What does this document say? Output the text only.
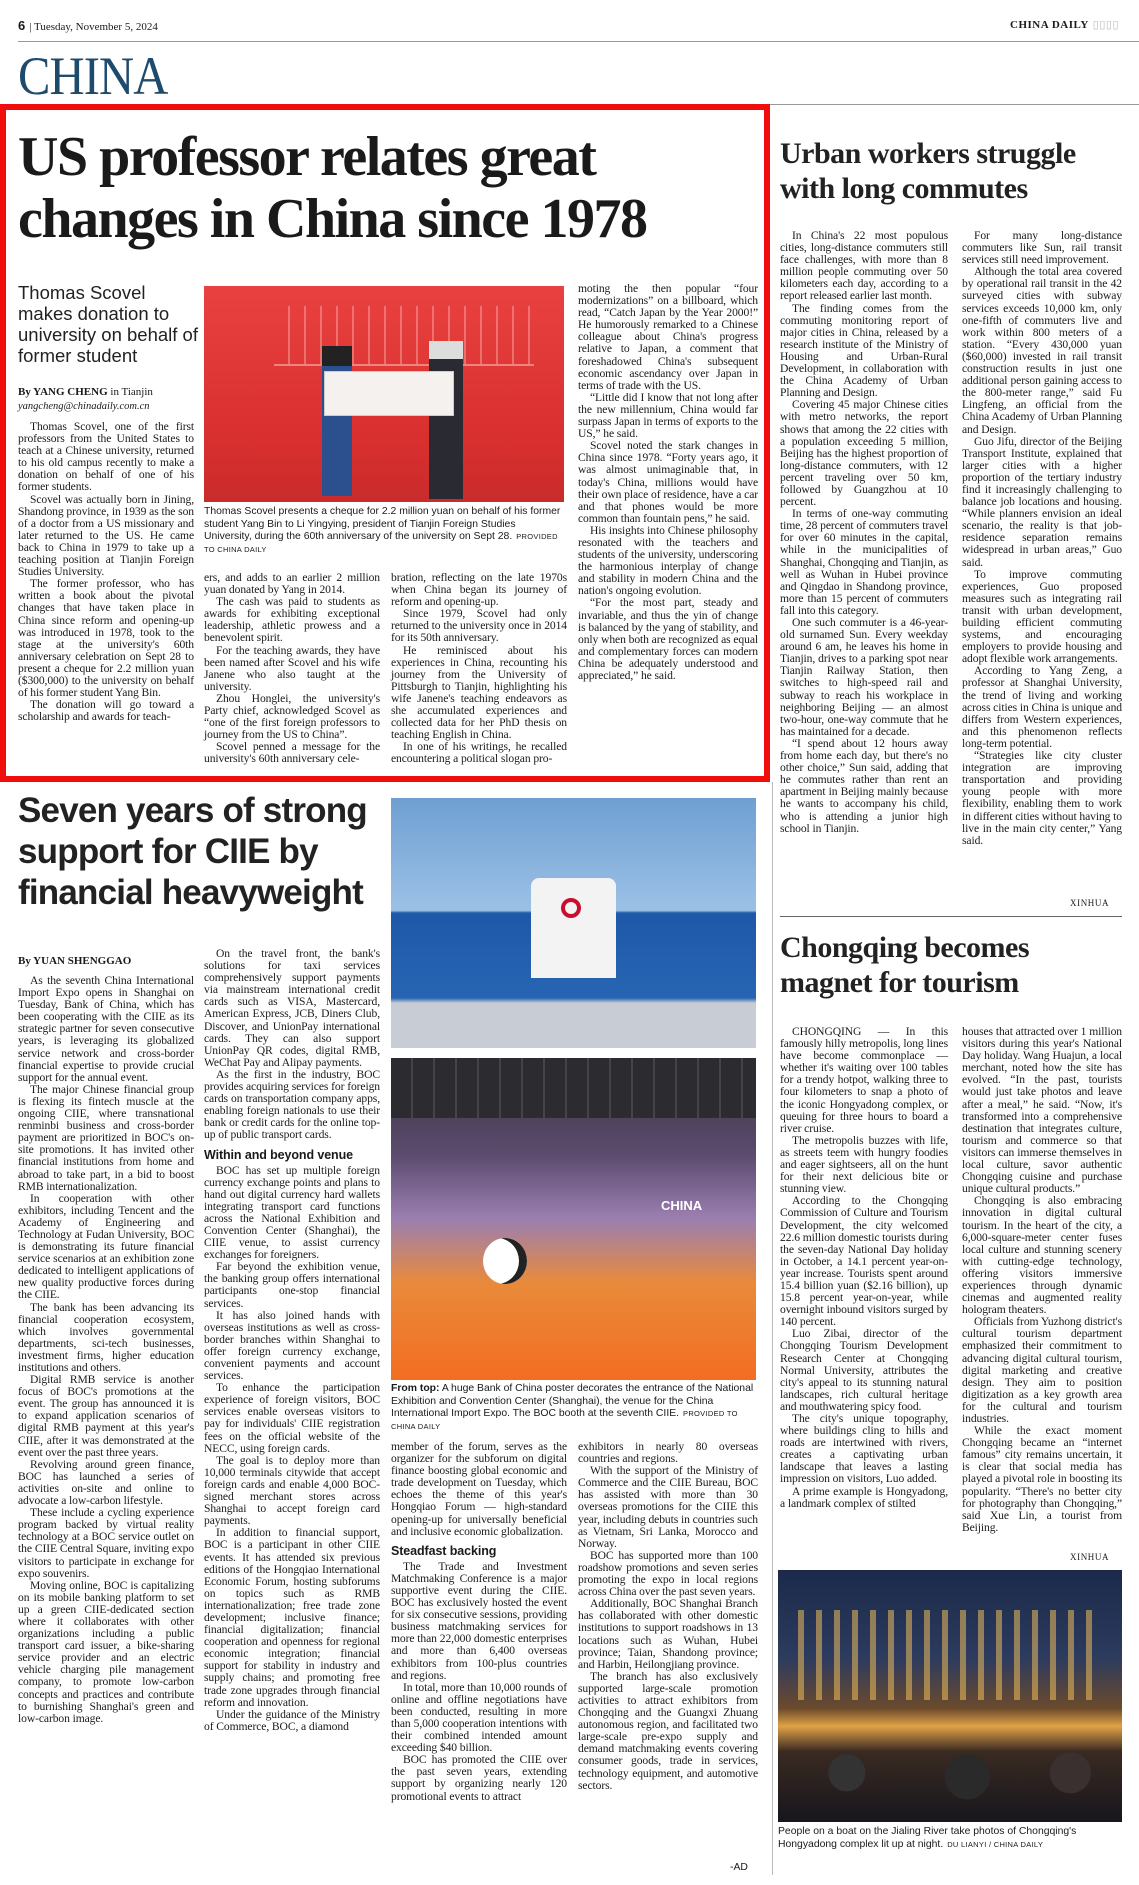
6 | Tuesday, November 5, 2024	CHINA DAILY ▯▯▯▯
CHINA
US professor relates great changes in China since 1978
Thomas Scovel makes donation to university on behalf of former student
By YANG CHENG in Tianjin
yangcheng@chinadaily.com.cn

Thomas Scovel, one of the first professors from the United States to teach at a Chinese university, returned to his old campus recently to make a donation on behalf of one of his former students.

Scovel was actually born in Jining, Shandong province, in 1939 as the son of a doctor from a US missionary and later returned to the US. He came back to China in 1979 to take up a teaching position at Tianjin Foreign Studies University.

The former professor, who has written a book about the pivotal changes that have taken place in China since reform and opening-up was introduced in 1978, took to the stage at the university's 60th anniversary celebration on Sept 28 to present a cheque for 2.2 million yuan ($300,000) to the university on behalf of his former student Yang Bin.

The donation will go toward a scholarship and awards for teach-

Thomas Scovel presents a cheque for 2.2 million yuan on behalf of his former student Yang Bin to Li Yingying, president of Tianjin Foreign Studies University, during the 60th anniversary of the university on Sept 28. PROVIDED TO CHINA DAILY

ers, and adds to an earlier 2 million yuan donated by Yang in 2014.

The cash was paid to students as awards for exhibiting exceptional leadership, athletic prowess and a benevolent spirit.

For the teaching awards, they have been named after Scovel and his wife Janene who also taught at the university.

Zhou Honglei, the university's Party chief, acknowledged Scovel as “one of the first foreign professors to journey from the US to China”.

Scovel penned a message for the university's 60th anniversary cele-

bration, reflecting on the late 1970s when China began its journey of reform and opening-up.

Since 1979, Scovel had only returned to the university once in 2014 for its 50th anniversary.

He reminisced about his experiences in China, recounting his journey from the University of Pittsburgh to Tianjin, highlighting his wife Janene's teaching endeavors as she accumulated experiences and collected data for her PhD thesis on teaching English in China.

In one of his writings, he recalled encountering a political slogan pro-

moting the then popular “four modernizations” on a billboard, which read, “Catch Japan by the Year 2000!” He humorously remarked to a Chinese colleague about China's progress relative to Japan, a comment that foreshadowed China's subsequent economic ascendancy over Japan in terms of trade with the US.

“Little did I know that not long after the new millennium, China would far surpass Japan in terms of exports to the US,” he said.

Scovel noted the stark changes in China since 1978. “Forty years ago, it was almost unimaginable that, in today's China, millions would have their own place of residence, have a car and that phones would be more common than fountain pens,” he said.

His insights into Chinese philosophy resonated with the teachers and students of the university, underscoring the harmonious interplay of change and stability in modern China and the nation's ongoing evolution.

“For the most part, steady and invariable, and thus the yin of change is balanced by the yang of stability, and only when both are recognized as equal and complementary forces can modern China be adequately understood and appreciated,” he said.

Urban workers struggle with long commutes

In China's 22 most populous cities, long-distance commuters still face challenges, with more than 8 million people commuting over 50 kilometers each day, according to a report released earlier last month.

The finding comes from the commuting monitoring report of major cities in China, released by a research institute of the Ministry of Housing and Urban-Rural Development, in collaboration with the China Academy of Urban Planning and Design.

Covering 45 major Chinese cities with metro networks, the report shows that among the 22 cities with a population exceeding 5 million, Beijing has the highest proportion of long-distance commuters, with 12 percent traveling over 50 km, followed by Guangzhou at 10 percent.

In terms of one-way commuting time, 28 percent of commuters travel for over 60 minutes in the capital, while in the municipalities of Shanghai, Chongqing and Tianjin, as well as Wuhan in Hubei province and Qingdao in Shandong province, more than 15 percent of commuters fall into this category.

One such commuter is a 46-year-old surnamed Sun. Every weekday around 6 am, he leaves his home in Tianjin, drives to a parking spot near Tianjin Railway Station, then switches to high-speed rail and subway to reach his workplace in neighboring Beijing — an almost two-hour, one-way commute that he has maintained for a decade.

“I spend about 12 hours away from home each day, but there's no other choice,” Sun said, adding that he commutes rather than rent an apartment in Beijing mainly because he wants to accompany his child, who is attending a junior high school in Tianjin.

For many long-distance commuters like Sun, rail transit services still need improvement.

Although the total area covered by operational rail transit in the 42 surveyed cities with subway services exceeds 10,000 km, only one-fifth of commuters live and work within 800 meters of a station. “Every 430,000 yuan ($60,000) invested in rail transit construction results in just one additional person gaining access to the 800-meter range,” said Fu Lingfeng, an official from the China Academy of Urban Planning and Design.

Guo Jifu, director of the Beijing Transport Institute, explained that larger cities with a higher proportion of the tertiary industry find it increasingly challenging to balance job locations and housing. “While planners envision an ideal scenario, the reality is that job-residence separation remains widespread in urban areas,” Guo said.

To improve commuting experiences, Guo proposed measures such as integrating rail transit with urban development, building efficient commuting systems, and encouraging employers to provide housing and adopt flexible work arrangements.

According to Yang Zeng, a professor at Shanghai University, the trend of living and working across cities in China is unique and differs from Western experiences, and this phenomenon reflects long-term potential.

“Strategies like city cluster integration are improving transportation and providing young people with more flexibility, enabling them to work in different cities without having to live in the main city center,” Yang said.

XINHUA
Seven years of strong support for CIIE by financial heavyweight
By YUAN SHENGGAO

As the seventh China International Import Expo opens in Shanghai on Tuesday, Bank of China, which has been cooperating with the CIIE as its strategic partner for seven consecutive years, is leveraging its globalized service network and cross-border financial expertise to provide crucial support for the annual event.

The major Chinese financial group is flexing its fintech muscle at the ongoing CIIE, where transnational renminbi business and cross-border payment are prioritized in BOC's on-site promotions. It has invited other financial institutions from home and abroad to take part, in a bid to boost RMB internationalization.

In cooperation with other exhibitors, including Tencent and the Academy of Engineering and Technology at Fudan University, BOC is demonstrating its future financial service scenarios at an exhibition zone dedicated to intelligent applications of new quality productive forces during the CIIE.

The bank has been advancing its financial cooperation ecosystem, which involves governmental departments, sci-tech businesses, investment firms, higher education institutions and others.

Digital RMB service is another focus of BOC's promotions at the event. The group has announced it is to expand application scenarios of digital RMB payment at this year's CIIE, after it was demonstrated at the event over the past three years.

Revolving around green finance, BOC has launched a series of activities on-site and online to advocate a low-carbon lifestyle.

These include a cycling experience program backed by virtual reality technology at a BOC service outlet on the CIIE Central Square, inviting expo visitors to participate in exchange for expo souvenirs.

Moving online, BOC is capitalizing on its mobile banking platform to set up a green CIIE-dedicated section where it collaborates with other organizations including a public transport card issuer, a bike-sharing service provider and an electric vehicle charging pile management company, to promote low-carbon concepts and practices and contribute to burnishing Shanghai's green and low-carbon image.

On the travel front, the bank's solutions for taxi services comprehensively support payments via mainstream international credit cards such as VISA, Mastercard, American Express, JCB, Diners Club, Discover, and UnionPay international cards. They can also support UnionPay QR codes, digital RMB, WeChat Pay and Alipay payments.

As the first in the industry, BOC provides acquiring services for foreign cards on transportation company apps, enabling foreign nationals to use their bank or credit cards for the online top-up of public transport cards.

Within and beyond venue

BOC has set up multiple foreign currency exchange points and plans to hand out digital currency hard wallets integrating transport card functions across the National Exhibition and Convention Center (Shanghai), the CIIE venue, to assist currency exchanges for foreigners.

Far beyond the exhibition venue, the banking group offers international participants one-stop financial services.

It has also joined hands with overseas institutions as well as cross-border branches within Shanghai to offer foreign currency exchange, convenient payments and account services.

To enhance the participation experience of foreign visitors, BOC services enable overseas visitors to pay for individuals' CIIE registration fees on the official website of the NECC, using foreign cards.

The goal is to deploy more than 10,000 terminals citywide that accept foreign cards and enable 4,000 BOC-signed merchant stores across Shanghai to accept foreign card payments.

In addition to financial support, BOC is a participant in other CIIE events. It has attended six previous editions of the Hongqiao International Economic Forum, hosting subforums on topics such as RMB internationalization; free trade zone development; inclusive finance; financial digitalization; financial cooperation and openness for regional economic integration; financial support for stability in industry and supply chains; and promoting free trade zone upgrades through financial reform and innovation.

Under the guidance of the Ministry of Commerce, BOC, a diamond

CHINA
From top: A huge Bank of China poster decorates the entrance of the National Exhibition and Convention Center (Shanghai), the venue for the China International Import Expo. The BOC booth at the seventh CIIE. PROVIDED TO CHINA DAILY

member of the forum, serves as the organizer for the subforum on digital finance boosting global economic and trade development on Tuesday, which echoes the theme of this year's Hongqiao Forum — high-standard opening-up for universally beneficial and inclusive economic globalization.

Steadfast backing

The Trade and Investment Matchmaking Conference is a major supportive event during the CIIE. BOC has exclusively hosted the event for six consecutive sessions, providing business matchmaking services for more than 22,000 domestic enterprises and more than 6,400 overseas exhibitors from 100-plus countries and regions.

In total, more than 10,000 rounds of online and offline negotiations have been conducted, resulting in more than 5,000 cooperation intentions with their combined intended amount exceeding $40 billion.

BOC has promoted the CIIE over the past seven years, extending support by organizing nearly 120 promotional events to attract

exhibitors in nearly 80 overseas countries and regions.

With the support of the Ministry of Commerce and the CIIE Bureau, BOC has assisted with more than 30 overseas promotions for the CIIE this year, including debuts in countries such as Vietnam, Sri Lanka, Morocco and Norway.

BOC has supported more than 100 roadshow promotions and seven series promoting the expo in local regions across China over the past seven years.

Additionally, BOC Shanghai Branch has collaborated with other domestic institutions to support roadshows in 13 locations such as Wuhan, Hubei province; Taian, Shandong province; and Harbin, Heilongjiang province.

The branch has also exclusively supported large-scale promotion activities to attract exhibitors from Chongqing and the Guangxi Zhuang autonomous region, and facilitated two large-scale pre-expo supply and demand matchmaking events covering consumer goods, trade in services, technology equipment, and automotive sectors.

-AD
Chongqing becomes magnet for tourism

CHONGQING — In this famously hilly metropolis, long lines have become commonplace — whether it's waiting over 100 tables for a trendy hotpot, walking three to four kilometers to snap a photo of the iconic Hongyadong complex, or queuing for three hours to board a river cruise.

The metropolis buzzes with life, as streets teem with hungry foodies and eager sightseers, all on the hunt for their next delicious bite or stunning view.

According to the Chongqing Commission of Culture and Tourism Development, the city welcomed 22.6 million domestic tourists during the seven-day National Day holiday in October, a 14.1 percent year-on-year increase. Tourists spent around 15.4 billion yuan ($2.16 billion), up 15.8 percent year-on-year, while overnight inbound visitors surged by 140 percent.

Luo Zibai, director of the Chongqing Tourism Development Research Center at Chongqing Normal University, attributes the city's appeal to its stunning natural landscapes, rich cultural heritage and mouthwatering spicy food.

The city's unique topography, where buildings cling to hills and roads are intertwined with rivers, creates a captivating urban landscape that leaves a lasting impression on visitors, Luo added.

A prime example is Hongyadong, a landmark complex of stilted

houses that attracted over 1 million visitors during this year's National Day holiday. Wang Huajun, a local merchant, noted how the site has evolved. “In the past, tourists would just take photos and leave after a meal,” he said. “Now, it's transformed into a comprehensive destination that integrates culture, tourism and commerce so that visitors can immerse themselves in local culture, savor authentic Chongqing cuisine and purchase unique cultural products.”

Chongqing is also embracing innovation in digital cultural tourism. In the heart of the city, a 6,000-square-meter center fuses local culture and stunning scenery with cutting-edge technology, offering visitors immersive experiences through dynamic cinemas and augmented reality hologram theaters.

Officials from Yuzhong district's cultural tourism department emphasized their commitment to advancing digital cultural tourism, digital marketing and creative design. They aim to position digitization as a key growth area for the cultural and tourism industries.

While the exact moment Chongqing became an “internet famous” city remains uncertain, it is clear that social media has played a pivotal role in boosting its popularity. “There's no better city for photography than Chongqing,” said Xue Lin, a tourist from Beijing.

XINHUA
People on a boat on the Jialing River take photos of Chongqing's Hongyadong complex lit up at night. DU LIANYI / CHINA DAILY
